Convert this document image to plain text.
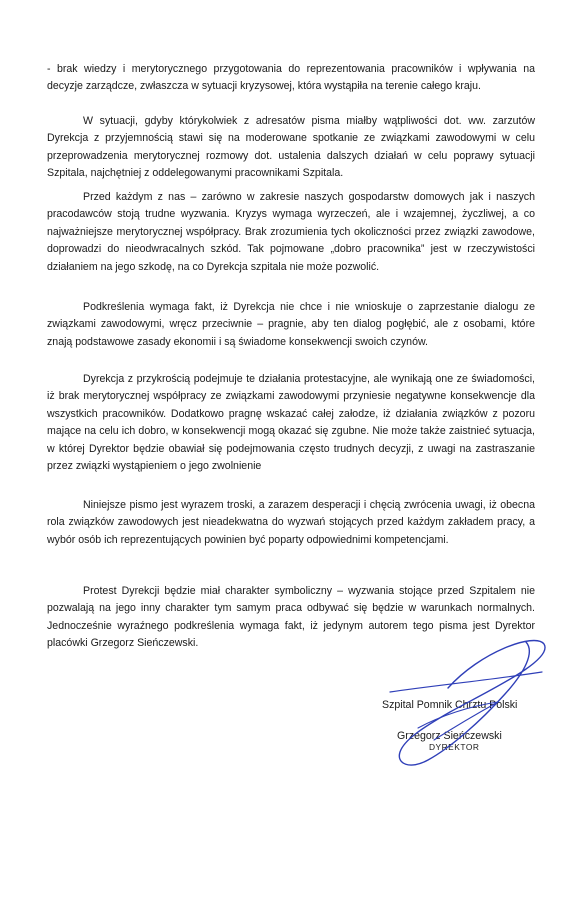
- brak wiedzy i merytorycznego przygotowania do reprezentowania pracowników i wpływania na decyzje zarządcze, zwłaszcza w sytuacji kryzysowej, która wystąpiła na terenie całego kraju.

W sytuacji, gdyby którykolwiek z adresatów pisma miałby wątpliwości dot. ww. zarzutów Dyrekcja z przyjemnością stawi się na moderowane spotkanie ze związkami zawodowymi w celu przeprowadzenia merytorycznej rozmowy dot. ustalenia dalszych działań w celu poprawy sytuacji Szpitala, najchętniej z oddelegowanymi pracownikami Szpitala.

Przed każdym z nas – zarówno w zakresie naszych gospodarstw domowych jak i naszych pracodawców stoją trudne wyzwania. Kryzys wymaga wyrzeczeń, ale i wzajemnej, życzliwej, a co najważniejsze merytorycznej współpracy. Brak zrozumienia tych okoliczności przez związki zawodowe, doprowadzi do nieodwracalnych szkód. Tak pojmowane „dobro pracownika” jest w rzeczywistości działaniem na jego szkodę, na co Dyrekcja szpitala nie może pozwolić.

Podkreślenia wymaga fakt, iż Dyrekcja nie chce i nie wnioskuje o zaprzestanie dialogu ze związkami zawodowymi, wręcz przeciwnie – pragnie, aby ten dialog pogłębić, ale z osobami, które znają podstawowe zasady ekonomii i są świadome konsekwencji swoich czynów.

Dyrekcja z przykrością podejmuje te działania protestacyjne, ale wynikają one ze świadomości, iż brak merytorycznej współpracy ze związkami zawodowymi przyniesie negatywne konsekwencje dla wszystkich pracowników. Dodatkowo pragnę wskazać całej załodze, iż działania związków z pozoru mające na celu ich dobro, w konsekwencji mogą okazać się zgubne. Nie może także zaistnieć sytuacja, w której Dyrektor będzie obawiał się podejmowania często trudnych decyzji, z uwagi na zastraszanie przez związki wystąpieniem o jego zwolnienie

Niniejsze pismo jest wyrazem troski, a zarazem desperacji i chęcią zwrócenia uwagi, iż obecna rola związków zawodowych jest nieadekwatna do wyzwań stojących przed każdym zakładem pracy, a wybór osób ich reprezentujących powinien być poparty odpowiednimi kompetencjami.

Protest Dyrekcji będzie miał charakter symboliczny – wyzwania stojące przed Szpitalem nie pozwalają na jego inny charakter tym samym praca odbywać się będzie w warunkach normalnych. Jednocześnie wyraźnego podkreślenia wymaga fakt, iż jedynym autorem tego pisma jest Dyrektor placówki Grzegorz Sieńczewski.

Szpital Pomnik Chrztu Polski
Grzegorz Sieńczewski
DYREKTOR
